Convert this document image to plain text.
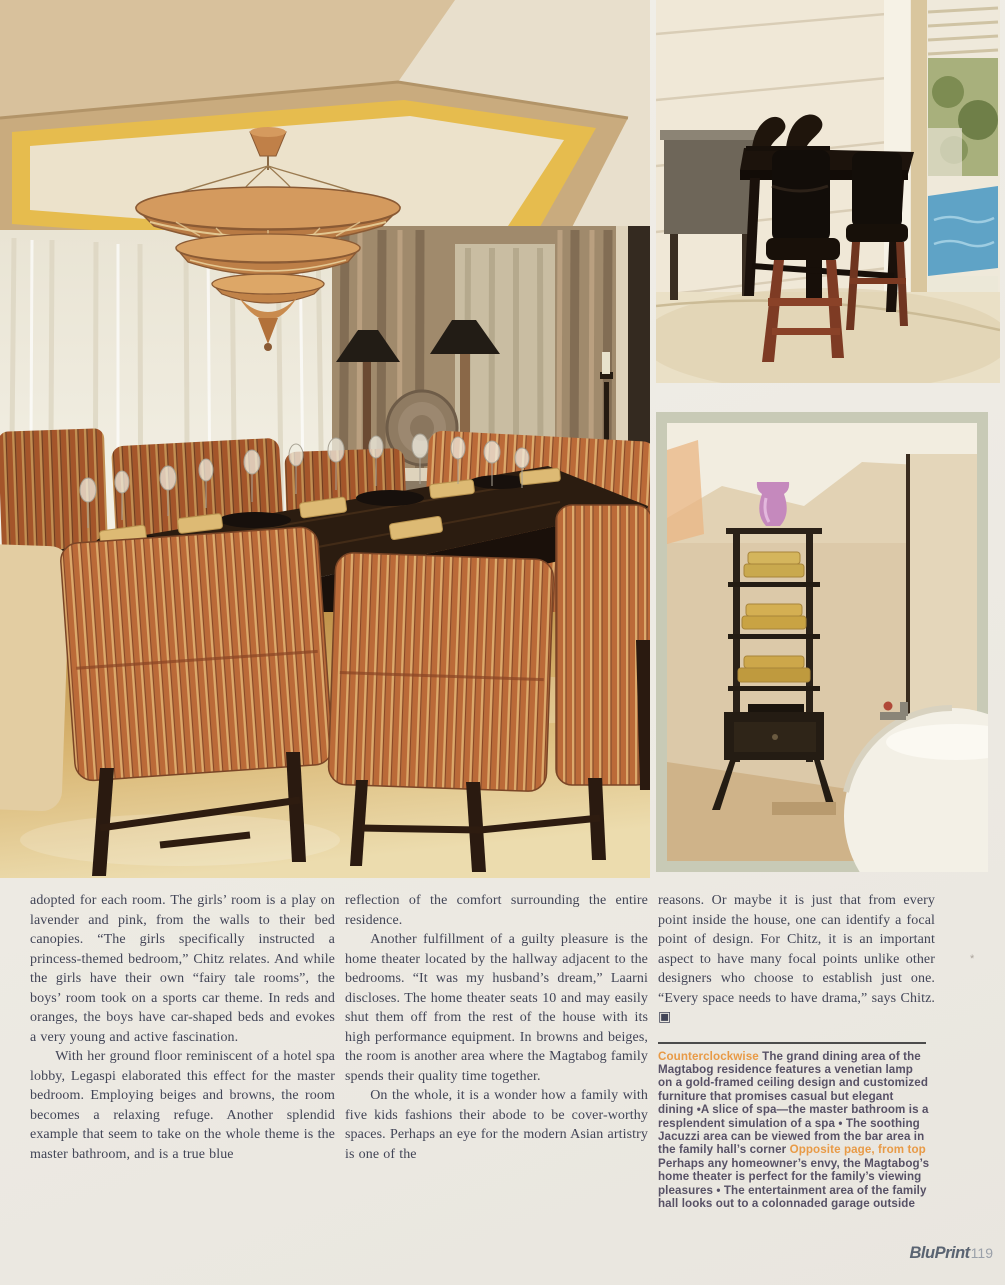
adopted for each room. The girls’ room is a play on lavender and pink, from the walls to their bed canopies. “The girls specifically instructed a princess-themed bedroom,” Chitz relates. And while the girls have their own “fairy tale rooms”, the boys’ room took on a sports car theme. In reds and oranges, the boys have car-shaped beds and evokes a very young and active fascination.

With her ground floor reminiscent of a hotel spa lobby, Legaspi elaborated this effect for the master bedroom. Employing beiges and browns, the room becomes a relaxing refuge. Another splendid example that seem to take on the whole theme is the master bathroom, and is a true blue

reflection of the comfort surrounding the entire residence.

Another fulfillment of a guilty pleasure is the home theater located by the hallway adjacent to the bedrooms. “It was my husband’s dream,” Laarni discloses. The home theater seats 10 and may easily shut them off from the rest of the house with its high performance equipment. In browns and beiges, the room is another area where the Magtabog family spends their quality time together.

On the whole, it is a wonder how a family with five kids fashions their abode to be cover-worthy spaces. Perhaps an eye for the modern Asian artistry is one of the

reasons. Or maybe it is just that from every point inside the house, one can identify a focal point of design. For Chitz, it is an important aspect to have many focal points unlike other designers who choose to establish just one. “Every space needs to have drama,” says Chitz. ▣

Counterclockwise The grand dining area of the Magtabog residence features a venetian lamp on a gold-framed ceiling design and customized furniture that promises casual but elegant dining •A slice of spa—the master bathroom is a resplendent simulation of a spa • The soothing Jacuzzi area can be viewed from the bar area in the family hall’s corner Opposite page, from top Perhaps any homeowner’s envy, the Magtabog’s home theater is perfect for the family’s viewing pleasures • The entertainment area of the family hall looks out to a colonnaded garage outside

*
BluPrint119
